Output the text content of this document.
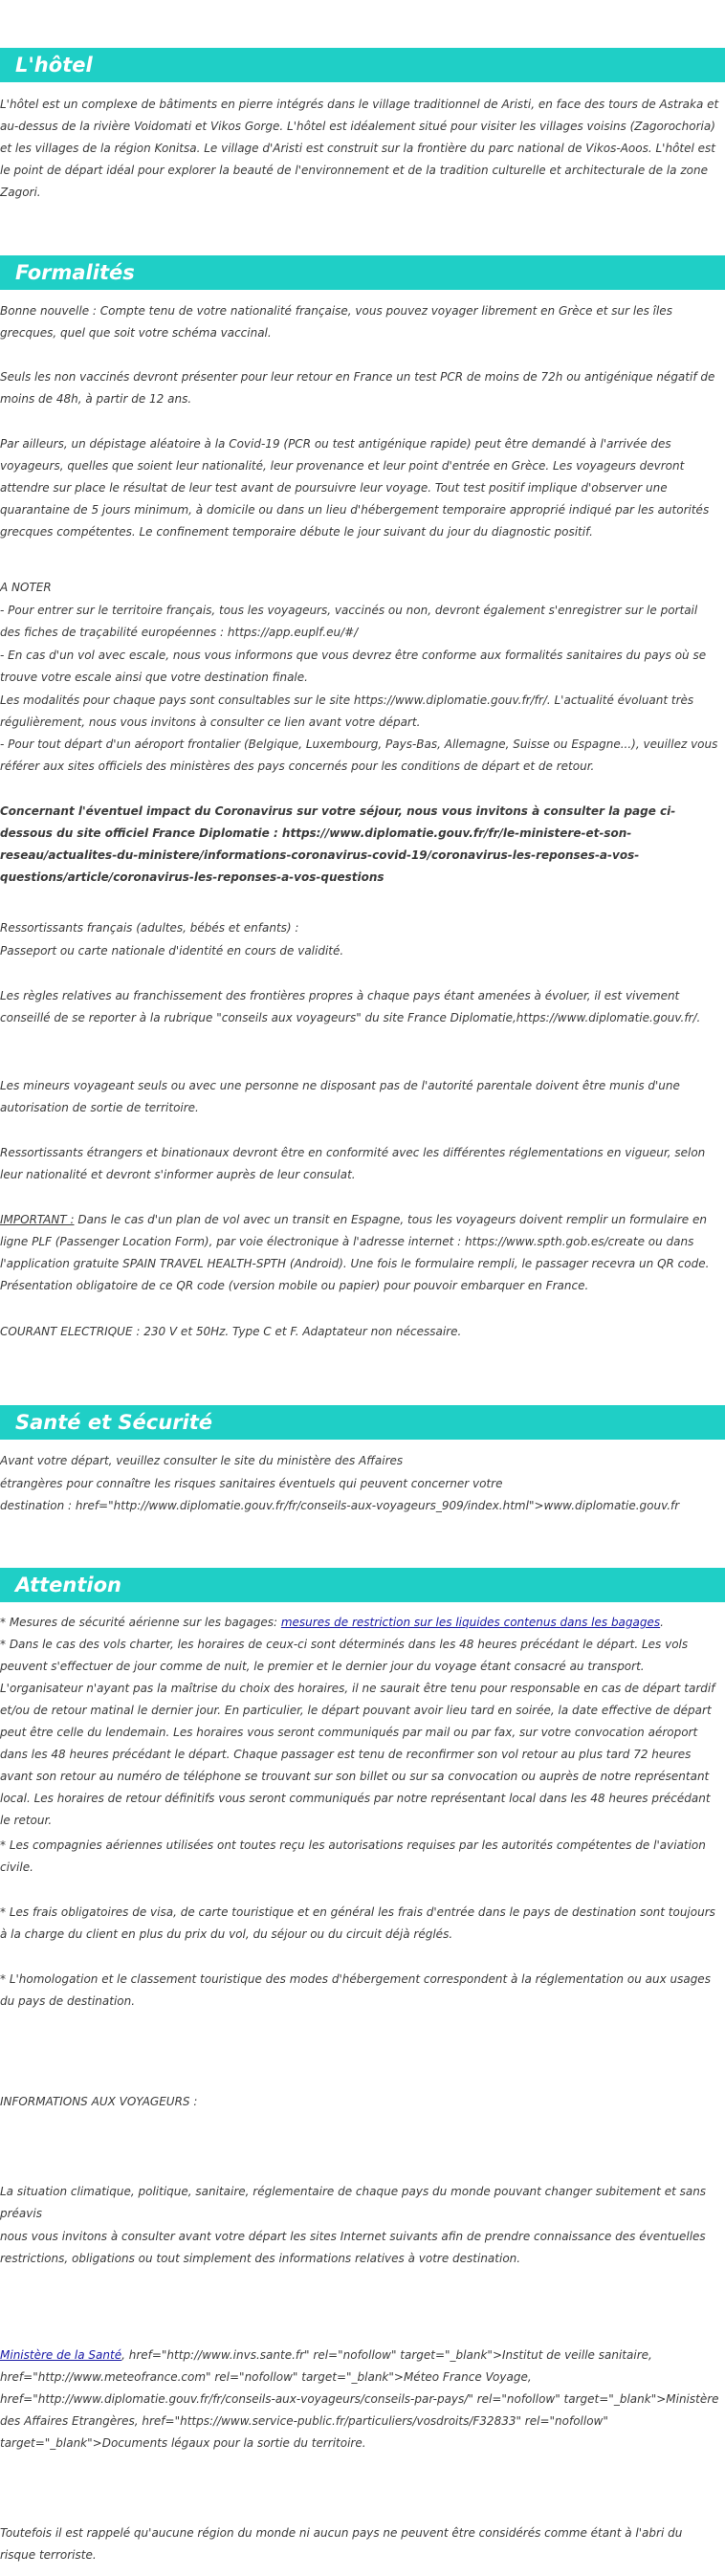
L'hôtel

L'hôtel est un complexe de bâtiments en pierre intégrés dans le village traditionnel de Aristi, en face des tours de Astraka et au-dessus de la rivière Voidomati et Vikos Gorge. L'hôtel est idéalement situé pour visiter les villages voisins (Zagorochoria) et les villages de la région Konitsa. Le village d'Aristi est construit sur la frontière du parc national de Vikos-Aoos. L'hôtel est le point de départ idéal pour explorer la beauté de l'environnement et de la tradition culturelle et architecturale de la zone Zagori.

Formalités

Bonne nouvelle : Compte tenu de votre nationalité française, vous pouvez voyager librement en Grèce et sur les îles grecques, quel que soit votre schéma vaccinal.

Seuls les non vaccinés devront présenter pour leur retour en France un test PCR de moins de 72h ou antigénique négatif de moins de 48h, à partir de 12 ans.

Par ailleurs, un dépistage aléatoire à la Covid-19 (PCR ou test antigénique rapide) peut être demandé à l'arrivée des voyageurs, quelles que soient leur nationalité, leur provenance et leur point d'entrée en Grèce. Les voyageurs devront attendre sur place le résultat de leur test avant de poursuivre leur voyage. Tout test positif implique d'observer une quarantaine de 5 jours minimum, à domicile ou dans un lieu d'hébergement temporaire approprié indiqué par les autorités grecques compétentes. Le confinement temporaire débute le jour suivant du jour du diagnostic positif.

A NOTER

- Pour entrer sur le territoire français, tous les voyageurs, vaccinés ou non, devront également s'enregistrer sur le portail des fiches de traçabilité européennes : https://app.euplf.eu/#/

- En cas d'un vol avec escale, nous vous informons que vous devrez être conforme aux formalités sanitaires du pays où se trouve votre escale ainsi que votre destination finale.

Les modalités pour chaque pays sont consultables sur le site https://www.diplomatie.gouv.fr/fr/. L'actualité évoluant très régulièrement, nous vous invitons à consulter ce lien avant votre départ.

- Pour tout départ d'un aéroport frontalier (Belgique, Luxembourg, Pays-Bas, Allemagne, Suisse ou Espagne...), veuillez vous référer aux sites officiels des ministères des pays concernés pour les conditions de départ et de retour.

Concernant l'éventuel impact du Coronavirus sur votre séjour, nous vous invitons à consulter la page ci-dessous du site officiel France Diplomatie : https://www.diplomatie.gouv.fr/fr/le-ministere-et-son-reseau/actualites-du-ministere/informations-coronavirus-covid-19/coronavirus-les-reponses-a-vos-questions/article/coronavirus-les-reponses-a-vos-questions

Ressortissants français (adultes, bébés et enfants) :

Passeport ou carte nationale d'identité en cours de validité.

Les règles relatives au franchissement des frontières propres à chaque pays étant amenées à évoluer, il est vivement conseillé de se reporter à la rubrique "conseils aux voyageurs" du site France Diplomatie,https://www.diplomatie.gouv.fr/.

Les mineurs voyageant seuls ou avec une personne ne disposant pas de l'autorité parentale doivent être munis d'une autorisation de sortie de territoire.

Ressortissants étrangers et binationaux devront être en conformité avec les différentes réglementations en vigueur, selon leur nationalité et devront s'informer auprès de leur consulat.

IMPORTANT : Dans le cas d'un plan de vol avec un transit en Espagne, tous les voyageurs doivent remplir un formulaire en ligne PLF (Passenger Location Form), par voie électronique à l'adresse internet : https://www.spth.gob.es/create ou dans l'application gratuite SPAIN TRAVEL HEALTH-SPTH (Android). Une fois le formulaire rempli, le passager recevra un QR code. Présentation obligatoire de ce QR code (version mobile ou papier) pour pouvoir embarquer en France.

COURANT ELECTRIQUE : 230 V et 50Hz. Type C et F. Adaptateur non nécessaire.

Santé et Sécurité

Avant votre départ, veuillez consulter le site du ministère des Affaires

étrangères pour connaître les risques sanitaires éventuels qui peuvent concerner votre

destination : href="http://www.diplomatie.gouv.fr/fr/conseils-aux-voyageurs_909/index.html">www.diplomatie.gouv.fr

Attention

* Mesures de sécurité aérienne sur les bagages: mesures de restriction sur les liquides contenus dans les bagages.

* Dans le cas des vols charter, les horaires de ceux-ci sont déterminés dans les 48 heures précédant le départ. Les vols peuvent s'effectuer de jour comme de nuit, le premier et le dernier jour du voyage étant consacré au transport. L'organisateur n'ayant pas la maîtrise du choix des horaires, il ne saurait être tenu pour responsable en cas de départ tardif et/ou de retour matinal le dernier jour. En particulier, le départ pouvant avoir lieu tard en soirée, la date effective de départ peut être celle du lendemain. Les horaires vous seront communiqués par mail ou par fax, sur votre convocation aéroport dans les 48 heures précédant le départ. Chaque passager est tenu de reconfirmer son vol retour au plus tard 72 heures avant son retour au numéro de téléphone se trouvant sur son billet ou sur sa convocation ou auprès de notre représentant local. Les horaires de retour définitifs vous seront communiqués par notre représentant local dans les 48 heures précédant le retour.

* Les compagnies aériennes utilisées ont toutes reçu les autorisations requises par les autorités compétentes de l'aviation civile.

* Les frais obligatoires de visa, de carte touristique et en général les frais d'entrée dans le pays de destination sont toujours à la charge du client en plus du prix du vol, du séjour ou du circuit déjà réglés.

* L'homologation et le classement touristique des modes d'hébergement correspondent à la réglementation ou aux usages du pays de destination.

INFORMATIONS AUX VOYAGEURS :

La situation climatique, politique, sanitaire, réglementaire de chaque pays du monde pouvant changer subitement et sans préavis

nous vous invitons à consulter avant votre départ les sites Internet suivants afin de prendre connaissance des éventuelles restrictions, obligations ou tout simplement des informations relatives à votre destination.

Ministère de la Santé, href="http://www.invs.sante.fr" rel="nofollow" target="_blank">Institut de veille sanitaire, href="http://www.meteofrance.com" rel="nofollow" target="_blank">Méteo France Voyage, href="http://www.diplomatie.gouv.fr/fr/conseils-aux-voyageurs/conseils-par-pays/" rel="nofollow" target="_blank">Ministère des Affaires Etrangères, href="https://www.service-public.fr/particuliers/vosdroits/F32833" rel="nofollow" target="_blank">Documents légaux pour la sortie du territoire.

Toutefois il est rappelé qu'aucune région du monde ni aucun pays ne peuvent être considérés comme étant à l'abri du risque terroriste.
